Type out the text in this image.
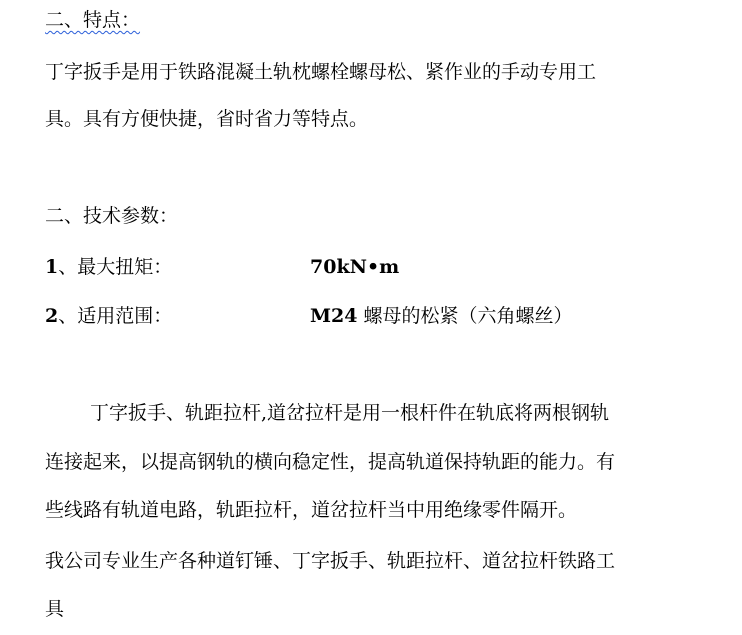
二、特点：
丁字扳手是用于铁路混凝土轨枕螺栓螺母松、紧作业的手动专用工
具。具有方便快捷，省时省力等特点。
二、技术参数：
1、最大扭矩：	70kN•m
2、适用范围：	M24 螺母的松紧（六角螺丝）
丁字扳手、轨距拉杆,道岔拉杆是用一根杆件在轨底将两根钢轨
连接起来，以提高钢轨的横向稳定性，提高轨道保持轨距的能力。有
些线路有轨道电路，轨距拉杆，道岔拉杆当中用绝缘零件隔开。
我公司专业生产各种道钉锤、丁字扳手、轨距拉杆、道岔拉杆铁路工
具
